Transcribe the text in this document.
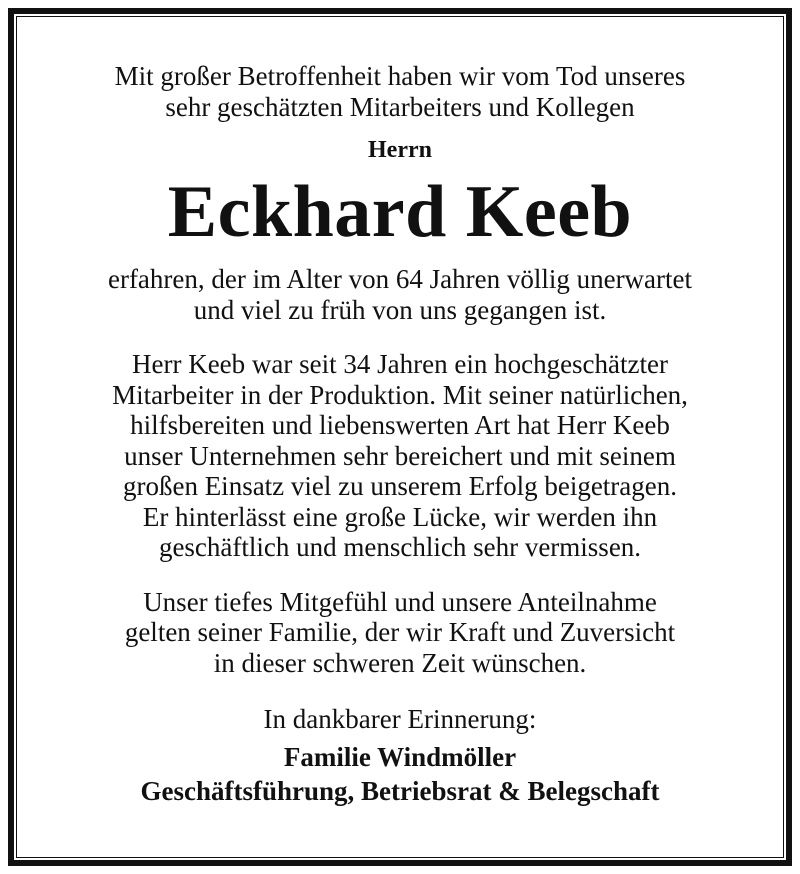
Mit großer Betroffenheit haben wir vom Tod unseres
sehr geschätzten Mitarbeiters und Kollegen

Herrn
Eckhard Keeb

erfahren, der im Alter von 64 Jahren völlig unerwartet
und viel zu früh von uns gegangen ist.

Herr Keeb war seit 34 Jahren ein hochgeschätzter
Mitarbeiter in der Produktion. Mit seiner natürlichen,
hilfsbereiten und liebenswerten Art hat Herr Keeb
unser Unternehmen sehr bereichert und mit seinem
großen Einsatz viel zu unserem Erfolg beigetragen.
Er hinterlässt eine große Lücke, wir werden ihn
geschäftlich und menschlich sehr vermissen.

Unser tiefes Mitgefühl und unsere Anteilnahme
gelten seiner Familie, der wir Kraft und Zuversicht
in dieser schweren Zeit wünschen.

In dankbarer Erinnerung:
Familie Windmöller
Geschäftsführung, Betriebsrat & Belegschaft
